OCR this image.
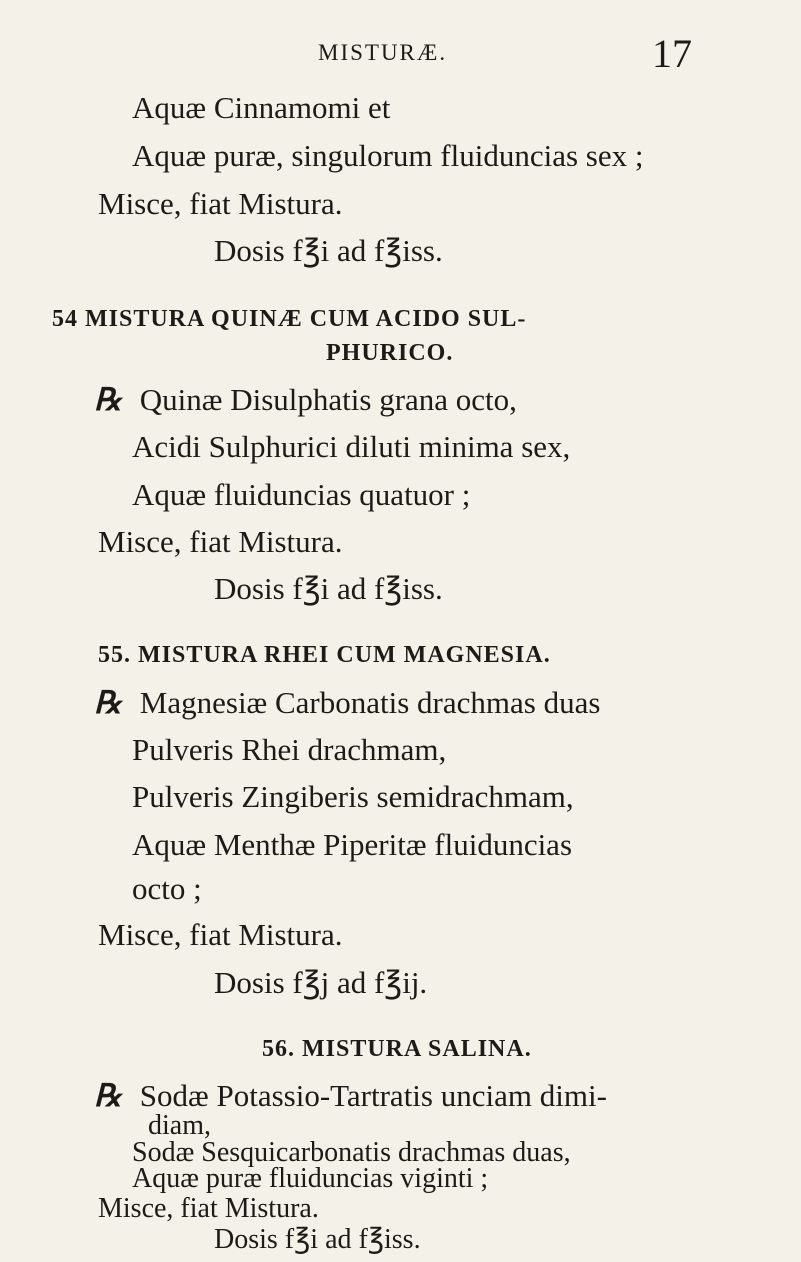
MISTURÆ.	17
Aquæ Cinnamomi et
Aquæ puræ, singulorum fluiduncias sex ;
Misce, fiat Mistura.
Dosis f℥i ad f℥iss.
54 MISTURA QUINÆ CUM ACIDO SUL-
PHURICO.
℞ Quinæ Disulphatis grana octo,
Acidi Sulphurici diluti minima sex,
Aquæ fluiduncias quatuor ;
Misce, fiat Mistura.
Dosis f℥i ad f℥iss.
55. MISTURA RHEI CUM MAGNESIA.
℞ Magnesiæ Carbonatis drachmas duas
Pulveris Rhei drachmam,
Pulveris Zingiberis semidrachmam,
Aquæ Menthæ Piperitæ fluiduncias
octo ;
Misce, fiat Mistura.
Dosis f℥j ad f℥ij.
56. MISTURA SALINA.
℞ Sodæ Potassio-Tartratis unciam dimi-
diam,
Sodæ Sesquicarbonatis drachmas duas,
Aquæ puræ fluiduncias viginti ;
Misce, fiat Mistura.
Dosis f℥i ad f℥iss.
